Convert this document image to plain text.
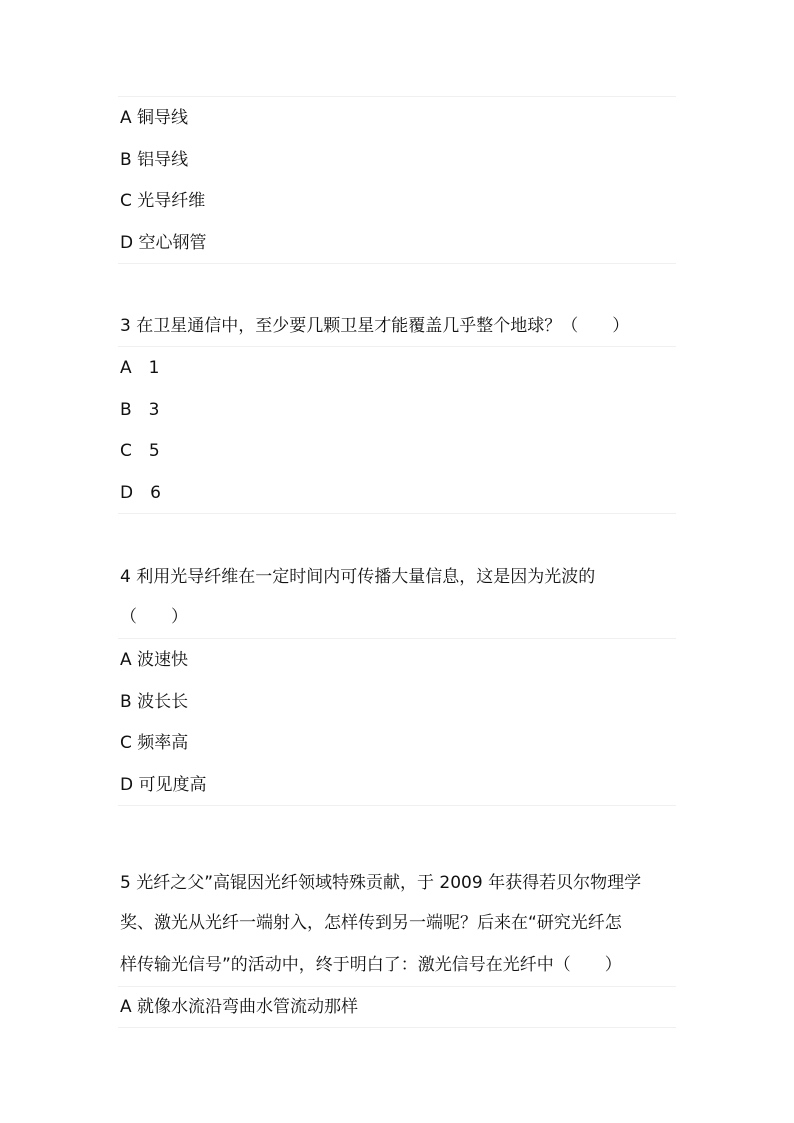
A 铜导线
B 铝导线
C 光导纤维
D 空心钢管
3 在卫星通信中，至少要几颗卫星才能覆盖几乎整个地球？（　　）
A　1
B　3
C　5
D　6
4 利用光导纤维在一定时间内可传播大量信息，这是因为光波的
（　　）
A 波速快
B 波长长
C 频率高
D 可见度高
5 光纤之父”高锟因光纤领域特殊贡献，于 2009 年获得若贝尔物理学
奖、激光从光纤一端射入，怎样传到另一端呢？后来在“研究光纤怎
样传输光信号”的活动中，终于明白了：激光信号在光纤中（　　）
A 就像水流沿弯曲水管流动那样
